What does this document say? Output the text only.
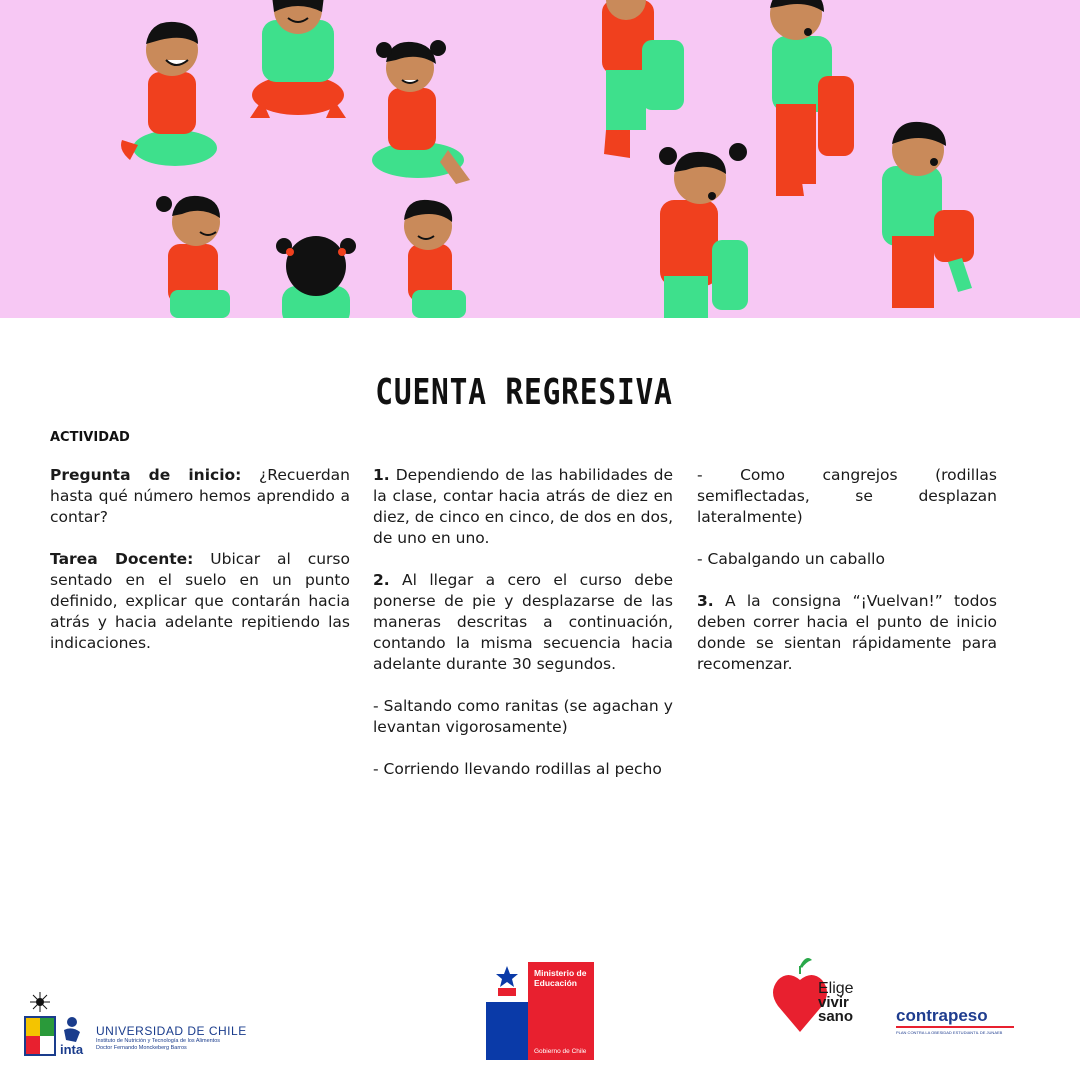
CUENTA REGRESIVA
ACTIVIDAD

Pregunta de inicio: ¿Recuerdan hasta qué número hemos aprendido a contar?

Tarea Docente: Ubicar al curso sentado en el suelo en un punto definido, explicar que contarán hacia atrás y hacia adelante repitiendo las indicaciones.

1. Dependiendo de las habilidades de la clase, contar hacia atrás de diez en diez, de cinco en cinco, de dos en dos, de uno en uno.

2. Al llegar a cero el curso debe ponerse de pie y desplazarse de las maneras descritas a continuación, contando la misma secuencia hacia adelante durante 30 segundos.

- Saltando como ranitas (se agachan y levantan vigorosamente)

- Corriendo llevando rodillas al pecho

- Como cangrejos (rodillas semiflectadas, se desplazan lateralmente)

- Cabalgando un caballo

3. A la consigna “¡Vuelvan!” todos deben correr hacia el punto de inicio donde se sientan rápidamente para recomenzar.

inta
UNIVERSIDAD DE CHILE
Instituto de Nutrición y Tecnología de los Alimentos
Doctor Fernando Monckeberg Barros
Ministerio de
Educación
Gobierno de Chile
Elige
vivir
sano	contrapeso
PLAN CONTRA LA OBESIDAD ESTUDIANTIL DE JUNAEB
